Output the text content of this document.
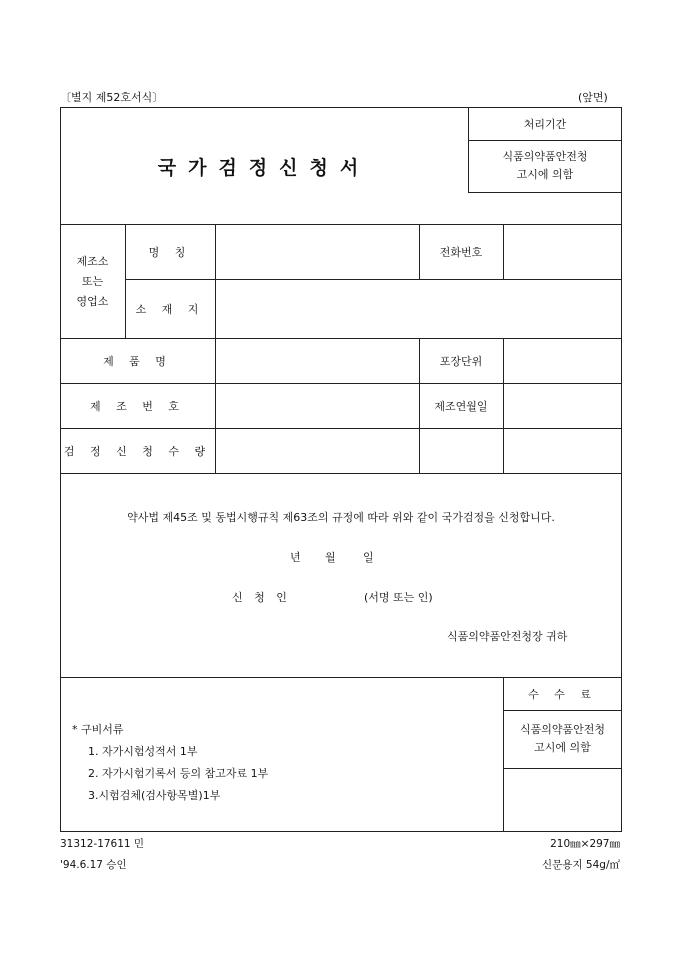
〔별지 제52호서식〕	(앞면)
국가검정신청서
처리기간
식품의약품안전청
고시에 의함
제조소
또는
영업소
명 칭	전화번호
소 재 지
제 품 명	포장단위
제 조 번 호	제조연월일
검 정 신 청 수 량
약사법 제45조 및 동법시행규칙 제63조의 규정에 따라 위와 같이 국가검정을 신청합니다.
년 월 일
신 청 인	(서명 또는 인)
식품의약품안전청장 귀하
* 구비서류
1. 자가시험성적서 1부
2. 자가시험기록서 등의 참고자료 1부
3.시험검체(검사항목별)1부
수 수 료
식품의약품안전청
고시에 의함
31312-17611 민
'94.6.17 승인
210㎜×297㎜
신문용지 54g/㎡
